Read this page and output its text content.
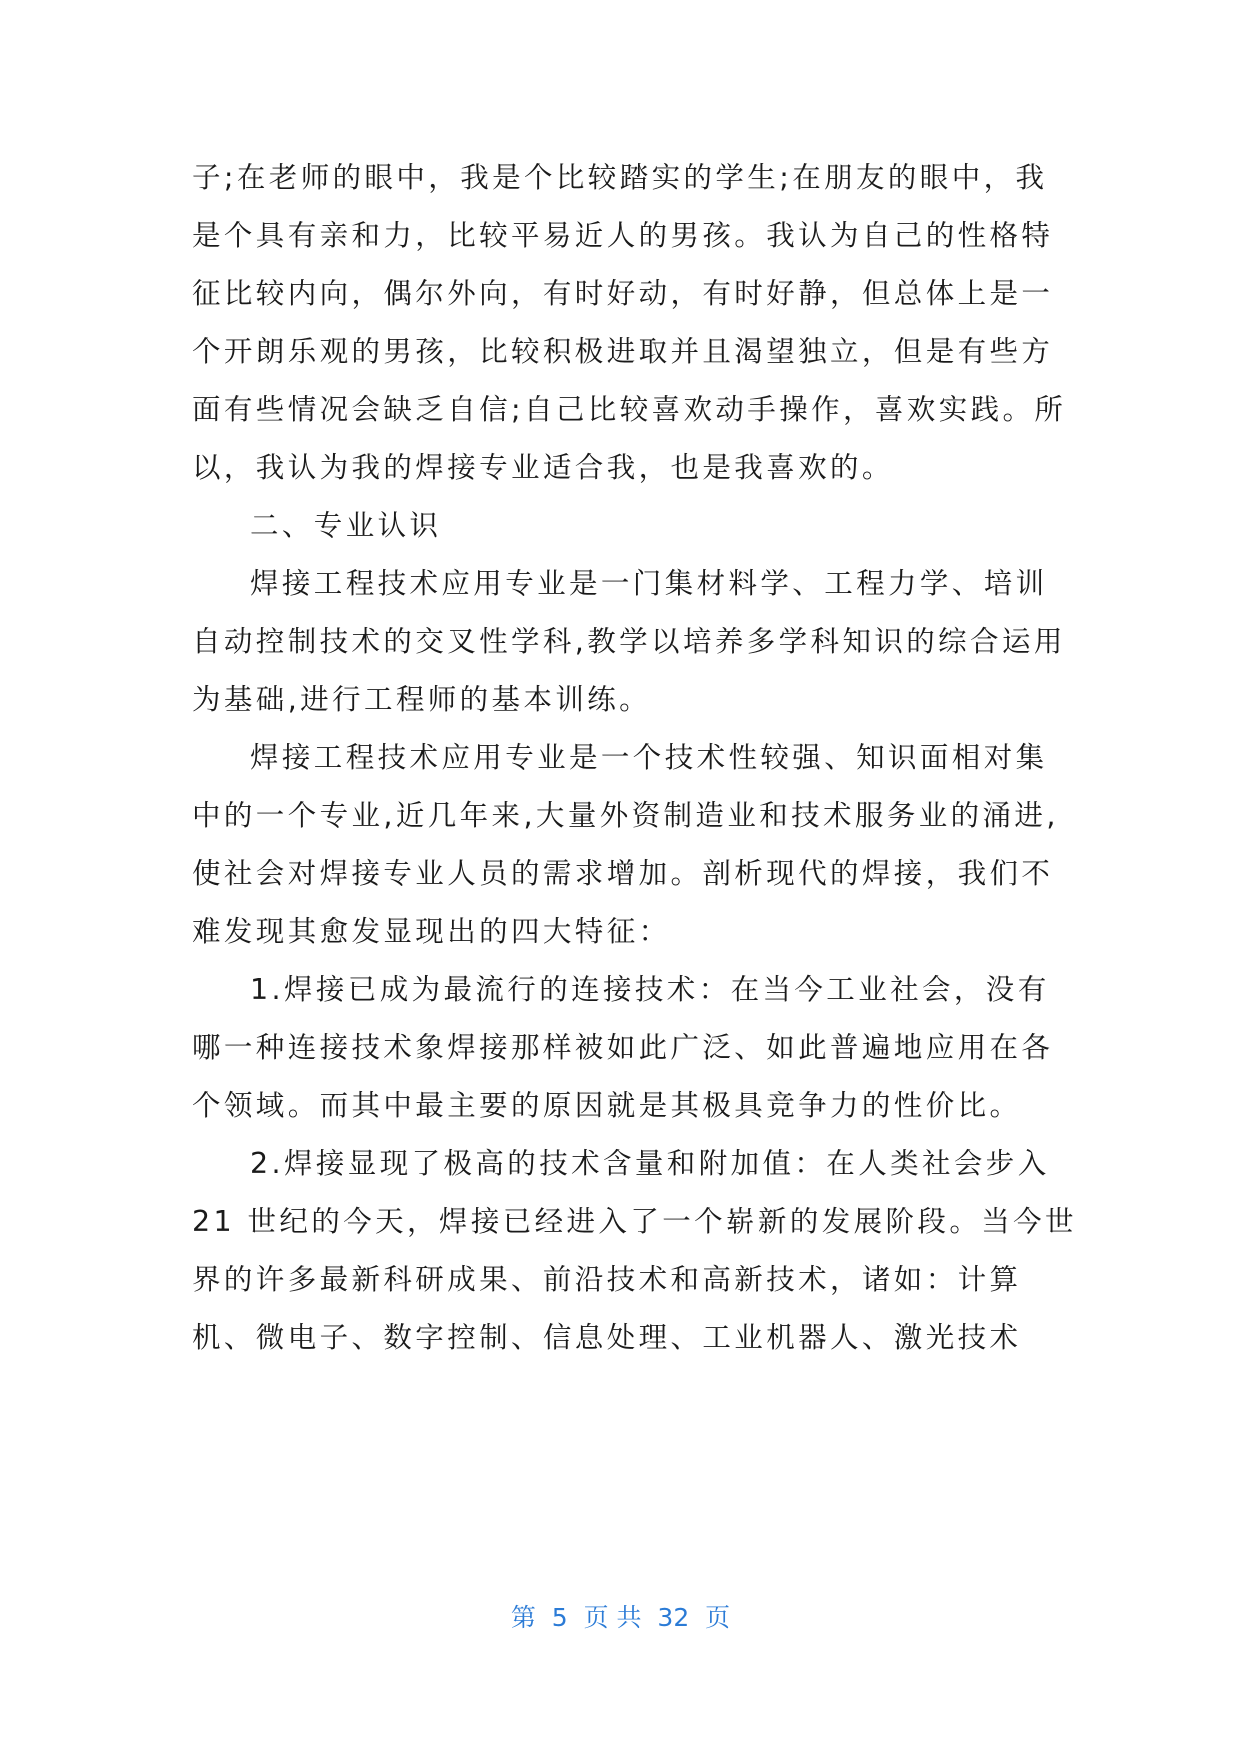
子;在老师的眼中，我是个比较踏实的学生;在朋友的眼中，我
是个具有亲和力，比较平易近人的男孩。我认为自己的性格特
征比较内向，偶尔外向，有时好动，有时好静，但总体上是一
个开朗乐观的男孩，比较积极进取并且渴望独立，但是有些方
面有些情况会缺乏自信;自己比较喜欢动手操作，喜欢实践。所
以，我认为我的焊接专业适合我，也是我喜欢的。
二、专业认识
焊接工程技术应用专业是一门集材料学、工程力学、培训
自动控制技术的交叉性学科,教学以培养多学科知识的综合运用
为基础,进行工程师的基本训练。
焊接工程技术应用专业是一个技术性较强、知识面相对集
中的一个专业,近几年来,大量外资制造业和技术服务业的涌进,
使社会对焊接专业人员的需求增加。剖析现代的焊接，我们不
难发现其愈发显现出的四大特征：
1.焊接已成为最流行的连接技术：在当今工业社会，没有
哪一种连接技术象焊接那样被如此广泛、如此普遍地应用在各
个领域。而其中最主要的原因就是其极具竞争力的性价比。
2.焊接显现了极高的技术含量和附加值：在人类社会步入
21 世纪的今天，焊接已经进入了一个崭新的发展阶段。当今世
界的许多最新科研成果、前沿技术和高新技术，诸如：计算
机、微电子、数字控制、信息处理、工业机器人、激光技术
第  5  页 共  32  页
